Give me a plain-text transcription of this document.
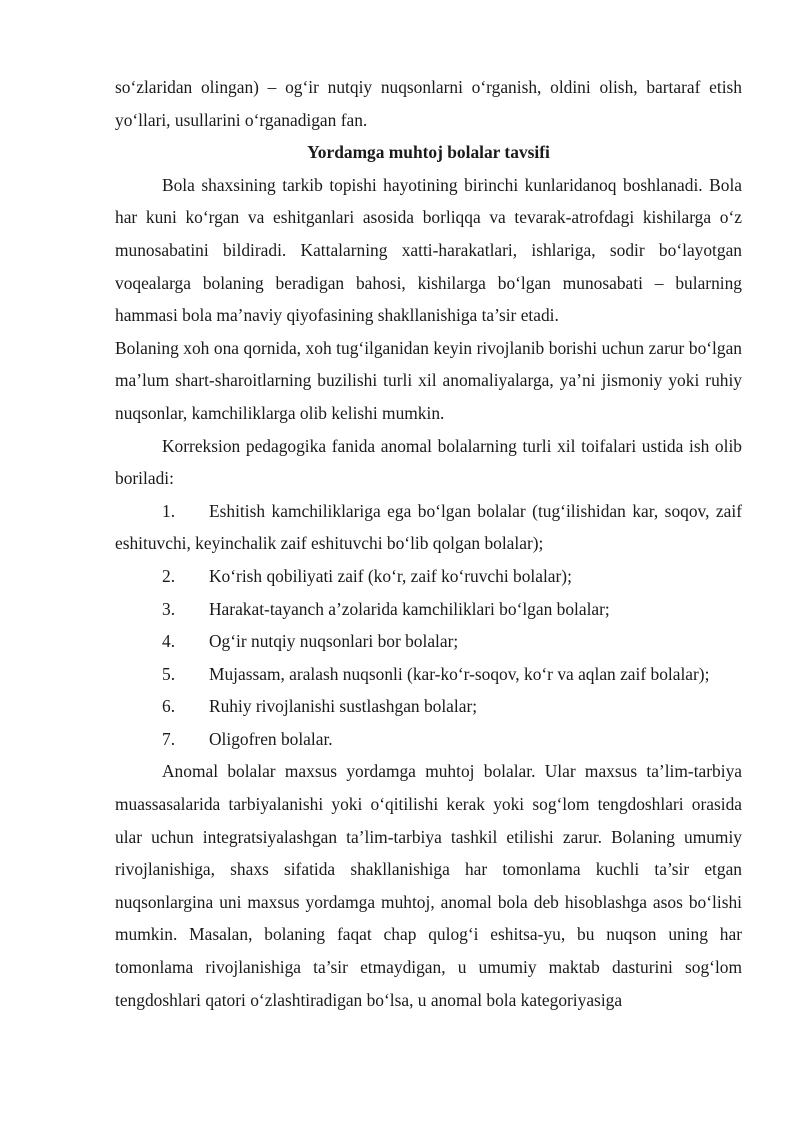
so‘zlaridan olingan) – og‘ir nutqiy nuqsonlarni o‘rganish, oldini olish, bartaraf etish yo‘llari, usullarini o‘rganadigan fan.

Yordamga muhtoj bolalar tavsifi

Bola shaxsining tarkib topishi hayotining birinchi kunlaridanoq boshlanadi. Bola har kuni ko‘rgan va eshitganlari asosida borliqqa va tevarak-atrofdagi kishilarga o‘z munosabatini bildiradi. Kattalarning xatti-harakatlari, ishlariga, sodir bo‘layotgan voqealarga bolaning beradigan bahosi, kishilarga bo‘lgan munosabati – bularning hammasi bola ma’naviy qiyofasining shakllanishiga ta’sir etadi.

Bolaning xoh ona qornida, xoh tug‘ilganidan keyin rivojlanib borishi uchun zarur bo‘lgan ma’lum shart-sharoitlarning buzilishi turli xil anomaliyalarga, ya’ni jismoniy yoki ruhiy nuqsonlar, kamchiliklarga olib kelishi mumkin.

Korreksion pedagogika fanida anomal bolalarning turli xil toifalari ustida ish olib boriladi:

1. Eshitish kamchiliklariga ega bo‘lgan bolalar (tug‘ilishidan kar, soqov, zaif eshituvchi, keyinchalik zaif eshituvchi bo‘lib qolgan bolalar);

2. Ko‘rish qobiliyati zaif (ko‘r, zaif ko‘ruvchi bolalar);

3. Harakat-tayanch a’zolarida kamchiliklari bo‘lgan bolalar;

4. Og‘ir nutqiy nuqsonlari bor bolalar;

5. Mujassam, aralash nuqsonli (kar-ko‘r-soqov, ko‘r va aqlan zaif bolalar);

6. Ruhiy rivojlanishi sustlashgan bolalar;

7. Oligofren bolalar.

Anomal bolalar maxsus yordamga muhtoj bolalar. Ular maxsus ta’lim-tarbiya muassasalarida tarbiyalanishi yoki o‘qitilishi kerak yoki sog‘lom tengdoshlari orasida ular uchun integratsiyalashgan ta’lim-tarbiya tashkil etilishi zarur. Bolaning umumiy rivojlanishiga, shaxs sifatida shakllanishiga har tomonlama kuchli ta’sir etgan nuqsonlargina uni maxsus yordamga muhtoj, anomal bola deb hisoblashga asos bo‘lishi mumkin. Masalan, bolaning faqat chap qulog‘i eshitsa-yu, bu nuqson uning har tomonlama rivojlanishiga ta’sir etmaydigan, u umumiy maktab dasturini sog‘lom tengdoshlari qatori o‘zlashtiradigan bo‘lsa, u anomal bola kategoriyasiga
